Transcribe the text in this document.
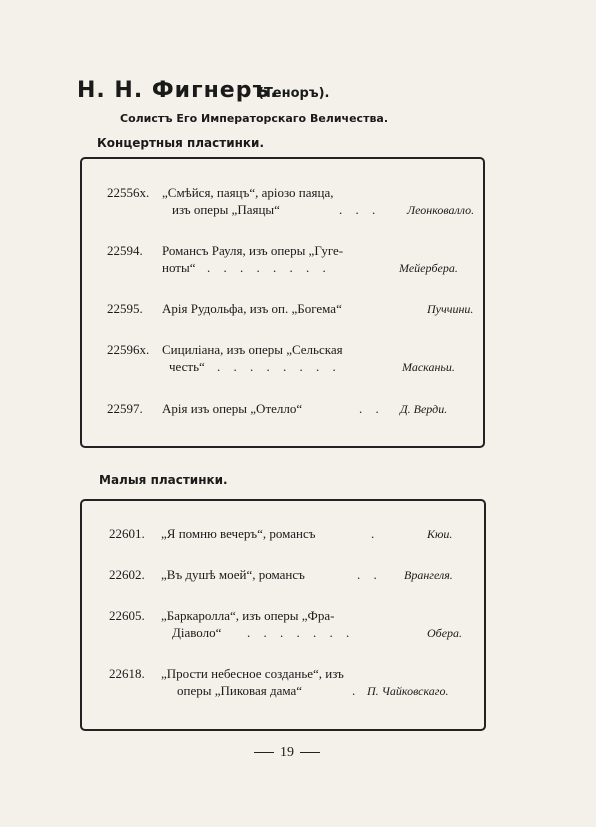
Н. Н. Фигнеръ.
(Теноръ).
Солистъ Его Императорскаго Величества.
Концертныя пластинки.
22556x. „Смѣйся, паяцъ“, аріозо паяца,
изъ оперы „Паяцы“	. . . Леонковалло.
22594. Романсъ Рауля, изъ оперы „Гуге-
ноты“ . . . . . . . .	Мейербера.
22595. Арія Рудольфа, изъ оп. „Богема“	Пуччини.
22596x. Сициліана, изъ оперы „Сельская
честь“ . . . . . . . .	Масканьи.
22597. Арія изъ оперы „Отелло“	. . Д. Верди.
Малыя пластинки.
22601. „Я помню вечеръ“, романсъ	.	Кюи.
22602. „Въ душѣ моей“, романсъ	. . Врангеля.
22605. „Баркаролла“, изъ оперы „Фра-
Діаволо“ . . . . . . .	Обера.
22618. „Прости небесное созданье“, изъ
оперы „Пиковая дама“	. П. Чайковскаго.
19
